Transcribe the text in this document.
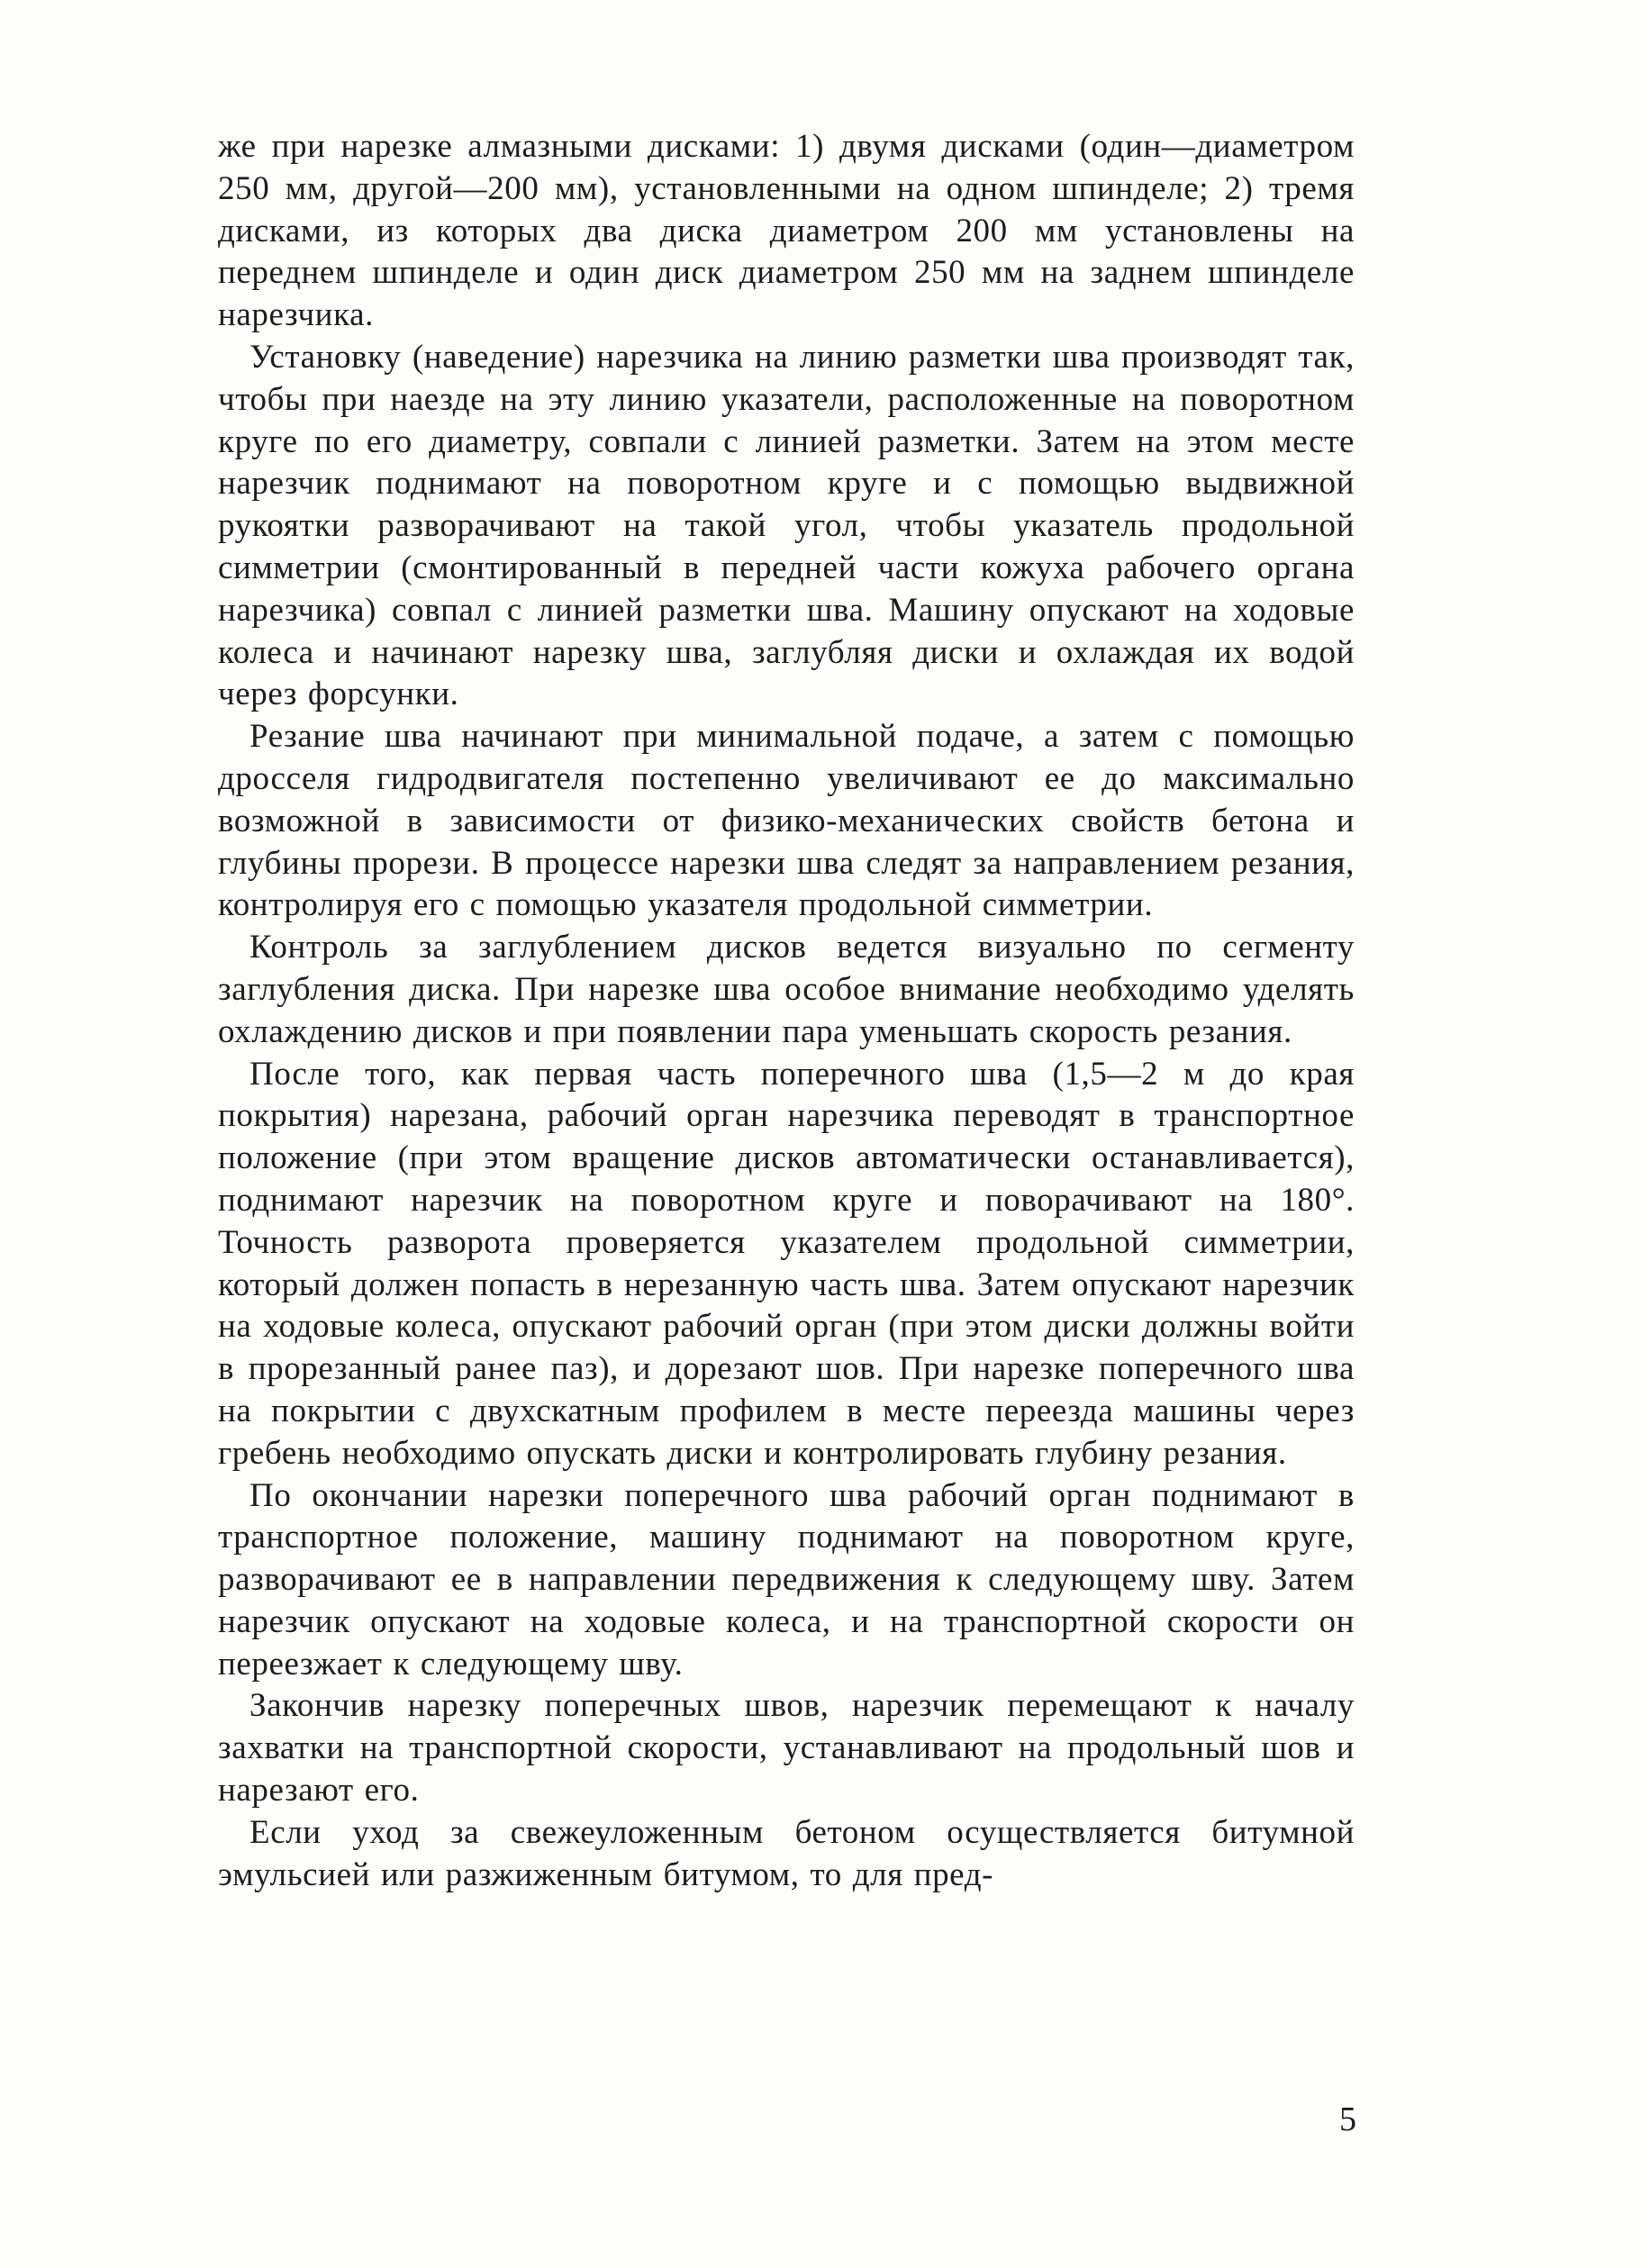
же при нарезке алмазными дисками: 1) двумя дисками (один—диаметром 250 мм, другой—200 мм), установленными на одном шпинделе; 2) тремя дисками, из которых два диска диаметром 200 мм установлены на переднем шпинделе и один диск диаметром 250 мм на заднем шпинделе нарезчика.

Установку (наведение) нарезчика на линию разметки шва производят так, чтобы при наезде на эту линию указатели, расположенные на поворотном круге по его диаметру, совпали с линией разметки. Затем на этом месте нарезчик поднимают на поворотном круге и с помощью выдвижной рукоятки разворачивают на такой угол, чтобы указатель продольной симметрии (смонтированный в передней части кожуха рабочего органа нарезчика) совпал с линией разметки шва. Машину опускают на ходовые колеса и начинают нарезку шва, заглубляя диски и охлаждая их водой через форсунки.

Резание шва начинают при минимальной подаче, а затем с помощью дросселя гидродвигателя постепенно увеличивают ее до максимально возможной в зависимости от физико-механических свойств бетона и глубины прорези. В процессе нарезки шва следят за направлением резания, контролируя его с помощью указателя продольной симметрии.

Контроль за заглублением дисков ведется визуально по сегменту заглубления диска. При нарезке шва особое внимание необходимо уделять охлаждению дисков и при появлении пара уменьшать скорость резания.

После того, как первая часть поперечного шва (1,5—2 м до края покрытия) нарезана, рабочий орган нарезчика переводят в транспортное положение (при этом вращение дисков автоматически останавливается), поднимают нарезчик на поворотном круге и поворачивают на 180°. Точность разворота проверяется указателем продольной симметрии, который должен попасть в нерезанную часть шва. Затем опускают нарезчик на ходовые колеса, опускают рабочий орган (при этом диски должны войти в прорезанный ранее паз), и дорезают шов. При нарезке поперечного шва на покрытии с двухскатным профилем в месте переезда машины через гребень необходимо опускать диски и контролировать глубину резания.

По окончании нарезки поперечного шва рабочий орган поднимают в транспортное положение, машину поднимают на поворотном круге, разворачивают ее в направлении передвижения к следующему шву. Затем нарезчик опускают на ходовые колеса, и на транспортной скорости он переезжает к следующему шву.

Закончив нарезку поперечных швов, нарезчик перемещают к началу захватки на транспортной скорости, устанавливают на продольный шов и нарезают его.

Если уход за свежеуложенным бетоном осуществляется битумной эмульсией или разжиженным битумом, то для пред-

5
